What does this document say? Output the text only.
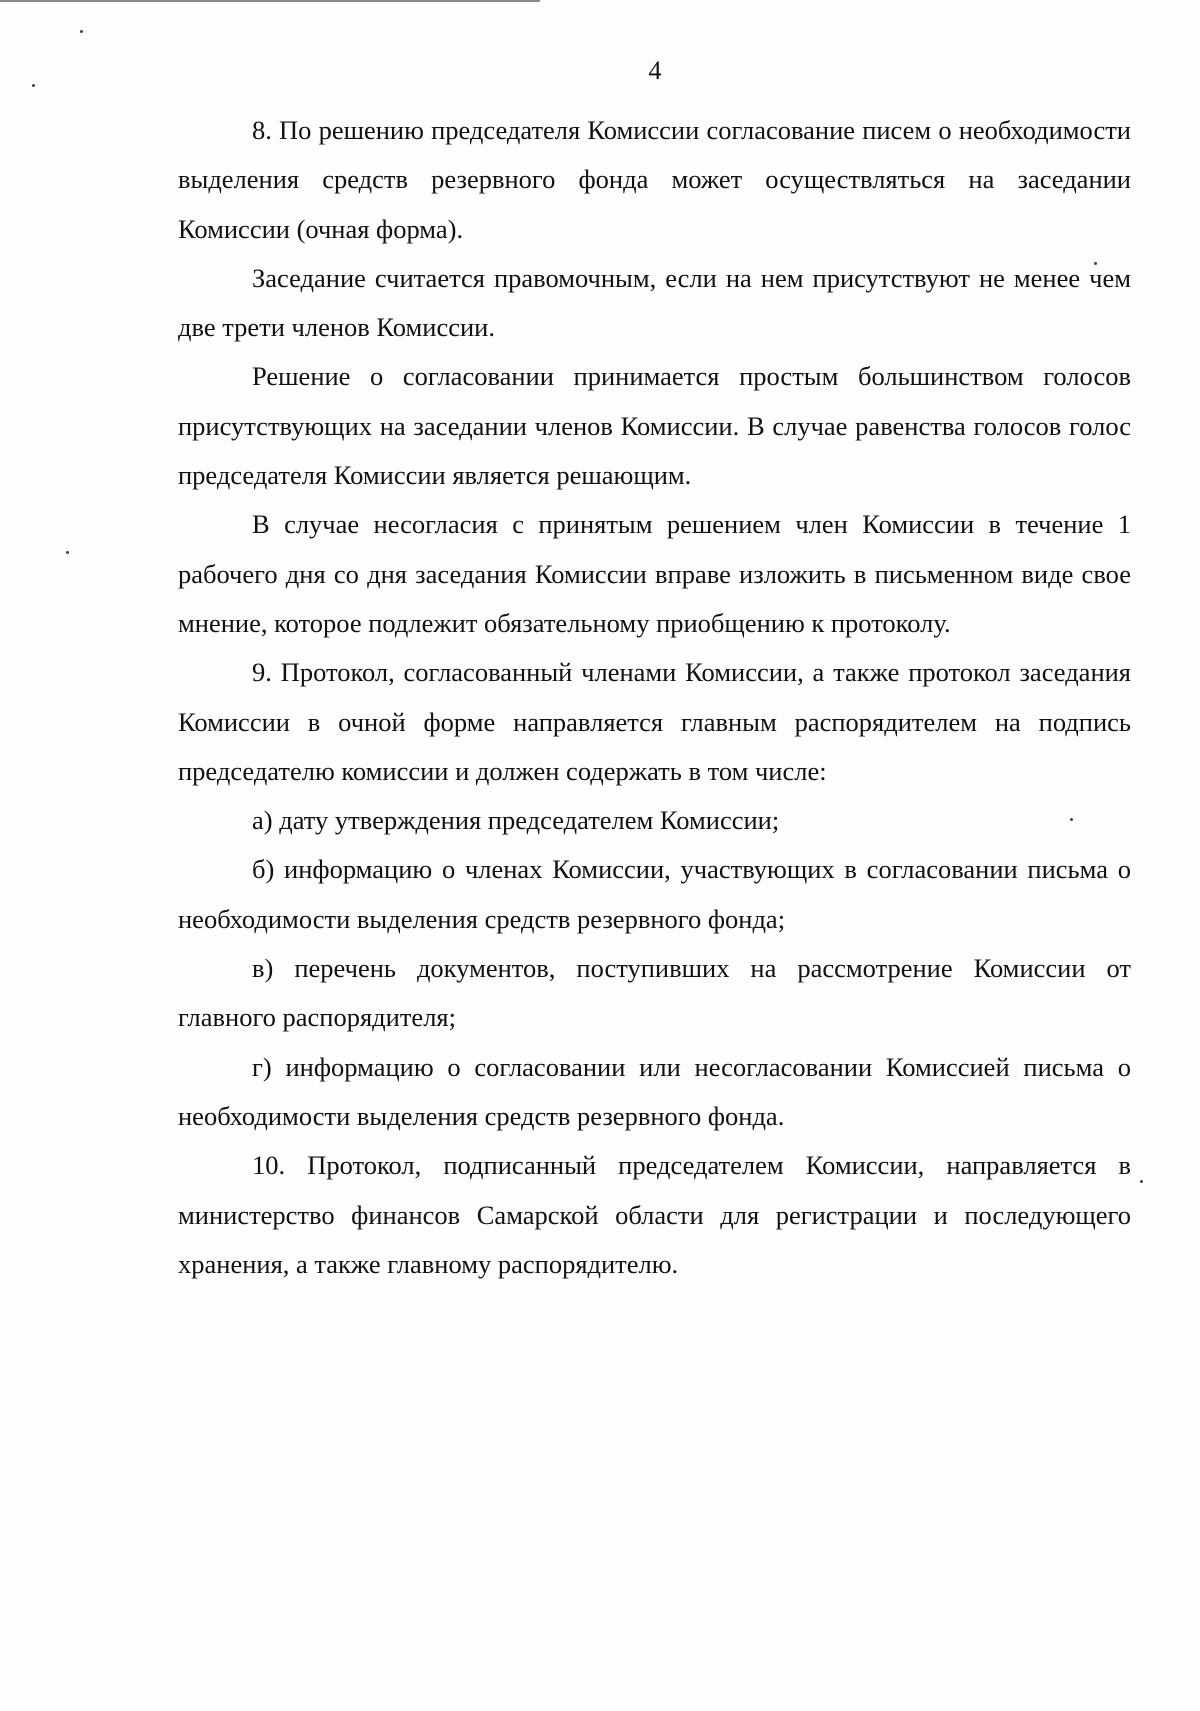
4

8. По решению председателя Комиссии согласование писем о необходимости выделения средств резервного фонда может осуществляться на заседании Комиссии (очная форма).

Заседание считается правомочным, если на нем присутствуют не менее чем две трети членов Комиссии.

Решение о согласовании принимается простым большинством голосов присутствующих на заседании членов Комиссии. В случае равенства голосов голос председателя Комиссии является решающим.

В случае несогласия с принятым решением член Комиссии в течение 1 рабочего дня со дня заседания Комиссии вправе изложить в письменном виде свое мнение, которое подлежит обязательному приобщению к протоколу.

9. Протокол, согласованный членами Комиссии, а также протокол заседания Комиссии в очной форме направляется главным распорядителем на подпись председателю комиссии и должен содержать в том числе:

а) дату утверждения председателем Комиссии;

б) информацию о членах Комиссии, участвующих в согласовании письма о необходимости выделения средств резервного фонда;

в) перечень документов, поступивших на рассмотрение Комиссии от главного распорядителя;

г) информацию о согласовании или несогласовании Комиссией письма о необходимости выделения средств резервного фонда.

10. Протокол, подписанный председателем Комиссии, направляется в министерство финансов Самарской области для регистрации и последующего хранения, а также главному распорядителю.
